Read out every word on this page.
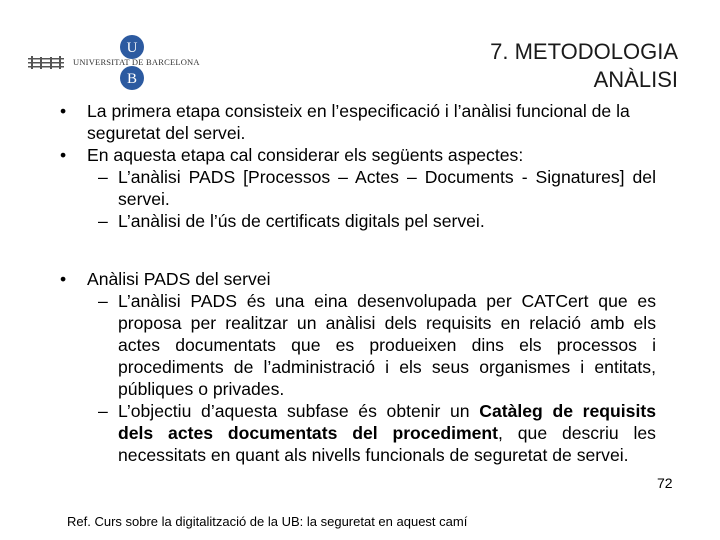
U
B
UNIVERSITAT DE BARCELONA	7. METODOLOGIA
ANÀLISI
•	La primera etapa consisteix en l’especificació i l’anàlisi funcional de la seguretat del servei.
•	En aquesta etapa cal considerar els següents aspectes:
– L’anàlisi PADS [Processos – Actes – Documents - Signatures] del servei.
– L’anàlisi de l’ús de certificats digitals pel servei.
•	Anàlisi PADS del servei
– L’anàlisi PADS és una eina desenvolupada per CATCert que es proposa per realitzar un anàlisi dels requisits en relació amb els actes documentats que es produeixen dins els processos i procediments de l’administració i els seus organismes i entitats, públiques o privades.
– L’objectiu d’aquesta subfase és obtenir un Catàleg de requisits dels actes documentats del procediment, que descriu les necessitats en quant als nivells funcionals de seguretat de servei.
72
Ref. Curs sobre la digitalització de la UB: la seguretat en aquest camí
